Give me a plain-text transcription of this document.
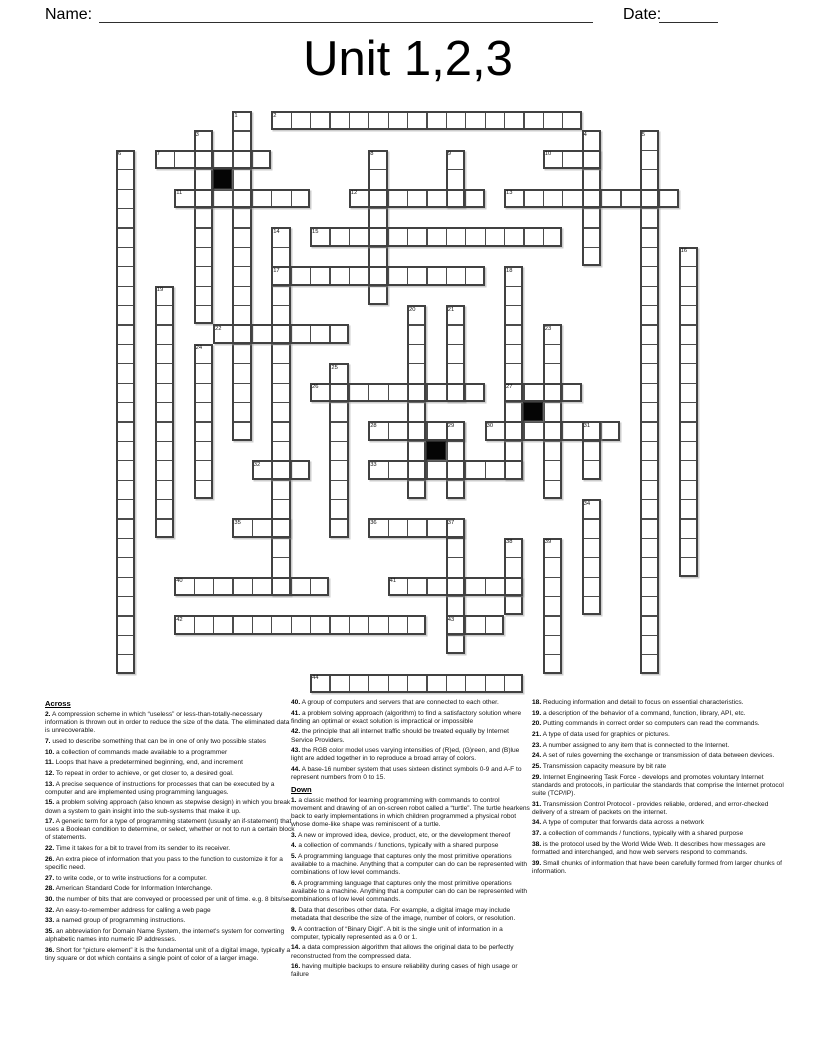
Name:	Date:
Unit 1,2,3
1	2
3	4	5
6	7	8	9	10
11	12	13
14	15
16
17	18
19
20	21
22	23
24
25
26	27
28	29	30	31
32	33
34
35	36	37
38	39
40	41
42	43
44
Across

2. A compression scheme in which “useless” or less-than-totally-necessary information is thrown out in order to reduce the size of the data. The eliminated data is unrecoverable.

7. used to describe something that can be in one of only two possible states

10. a collection of commands made available to a programmer

11. Loops that have a predetermined beginning, end, and increment

12. To repeat in order to achieve, or get closer to, a desired goal.

13. A precise sequence of instructions for processes that can be executed by a computer and are implemented using programming languages.

15. a problem solving approach (also known as stepwise design) in which you break down a system to gain insight into the sub-systems that make it up.

17. A generic term for a type of programming statement (usually an if-statement) that uses a Boolean condition to determine, or select, whether or not to run a certain block of statements.

22. Time it takes for a bit to travel from its sender to its receiver.

26. An extra piece of information that you pass to the function to customize it for a specific need.

27. to write code, or to write instructions for a computer.

28. American Standard Code for Information Interchange.

30. the number of bits that are conveyed or processed per unit of time. e.g. 8 bits/sec.

32. An easy-to-remember address for calling a web page

33. a named group of programming instructions.

35. an abbreviation for Domain Name System, the internet's system for converting alphabetic names into numeric IP addresses.

36. Short for “picture element” it is the fundamental unit of a digital image, typically a tiny square or dot which contains a single point of color of a larger image.

40. A group of computers and servers that are connected to each other.

41. a problem solving approach (algorithm) to find a satisfactory solution where finding an optimal or exact solution is impractical or impossible

42. the principle that all internet traffic should be treated equally by Internet Service Providers.

43. the RGB color model uses varying intensities of (R)ed, (G)reen, and (B)lue light are added together in to reproduce a broad array of colors.

44. A base-16 number system that uses sixteen distinct symbols 0-9 and A-F to represent numbers from 0 to 15.

Down

1. a classic method for learning programming with commands to control movement and drawing of an on-screen robot called a “turtle”. The turtle hearkens back to early implementations in which children programmed a physical robot whose dome-like shape was reminiscent of a turtle.

3. A new or improved idea, device, product, etc, or the development thereof

4. a collection of commands / functions, typically with a shared purpose

5. A programming language that captures only the most primitive operations available to a machine. Anything that a computer can do can be represented with combinations of low level commands.

6. A programming language that captures only the most primitive operations available to a machine. Anything that a computer can do can be represented with combinations of low level commands.

8. Data that describes other data. For example, a digital image may include metadata that describe the size of the image, number of colors, or resolution.

9. A contraction of “Binary Digit”. A bit is the single unit of information in a computer, typically represented as a 0 or 1.

14. a data compression algorithm that allows the original data to be perfectly reconstructed from the compressed data.

16. having multiple backups to ensure reliability during cases of high usage or failure

18. Reducing information and detail to focus on essential characteristics.

19. a description of the behavior of a command, function, library, API, etc.

20. Putting commands in correct order so computers can read the commands.

21. A type of data used for graphics or pictures.

23. A number assigned to any item that is connected to the Internet.

24. A set of rules governing the exchange or transmission of data between devices.

25. Transmission capacity measure by bit rate

29. Internet Engineering Task Force - develops and promotes voluntary Internet standards and protocols, in particular the standards that comprise the Internet protocol suite (TCP/IP).

31. Transmission Control Protocol - provides reliable, ordered, and error-checked delivery of a stream of packets on the internet.

34. A type of computer that forwards data across a network

37. a collection of commands / functions, typically with a shared purpose

38. is the protocol used by the World Wide Web. It describes how messages are formatted and interchanged, and how web servers respond to commands.

39. Small chunks of information that have been carefully formed from larger chunks of information.
